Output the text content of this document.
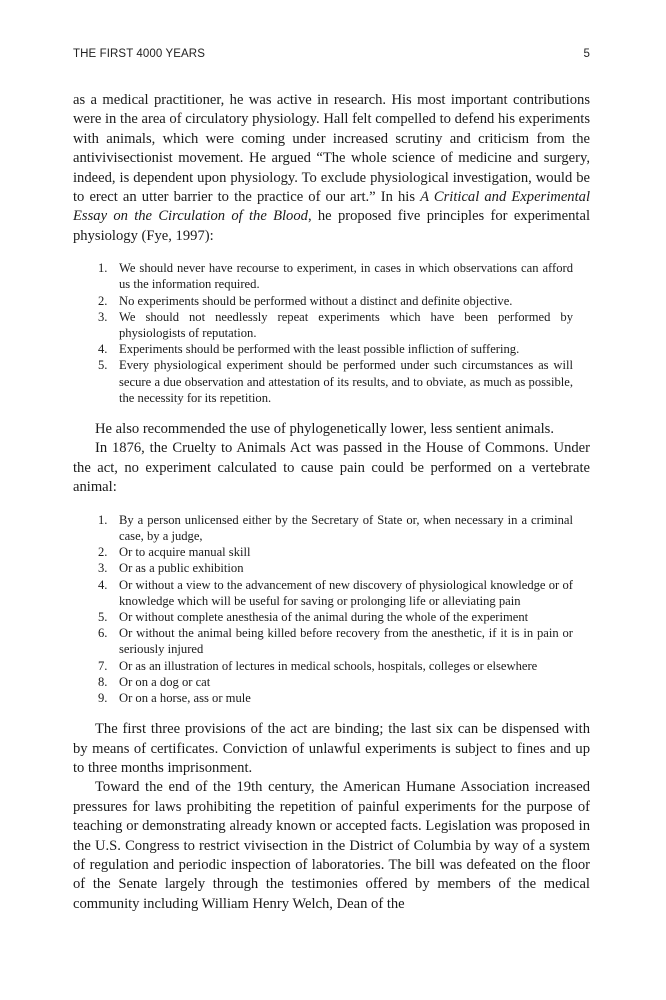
THE FIRST 4000 YEARS	5

as a medical practitioner, he was active in research. His most important contributions were in the area of circulatory physiology. Hall felt compelled to defend his experiments with animals, which were coming under increased scrutiny and criticism from the antivivisectionist movement. He argued “The whole science of medicine and surgery, indeed, is dependent upon physiology. To exclude physiological investigation, would be to erect an utter barrier to the practice of our art.” In his A Critical and Experimental Essay on the Circulation of the Blood, he proposed five principles for experimental physiology (Fye, 1997):

1. We should never have recourse to experiment, in cases in which observations can afford us the information required.
2. No experiments should be performed without a distinct and definite objective.
3. We should not needlessly repeat experiments which have been performed by physiologists of reputation.
4. Experiments should be performed with the least possible infliction of suffering.
5. Every physiological experiment should be performed under such circumstances as will secure a due observation and attestation of its results, and to obviate, as much as possible, the necessity for its repetition.

He also recommended the use of phylogenetically lower, less sentient animals.

In 1876, the Cruelty to Animals Act was passed in the House of Commons. Under the act, no experiment calculated to cause pain could be performed on a vertebrate animal:

1. By a person unlicensed either by the Secretary of State or, when necessary in a criminal case, by a judge,
2. Or to acquire manual skill
3. Or as a public exhibition
4. Or without a view to the advancement of new discovery of physiological knowledge or of knowledge which will be useful for saving or prolonging life or alleviating pain
5. Or without complete anesthesia of the animal during the whole of the experiment
6. Or without the animal being killed before recovery from the anesthetic, if it is in pain or seriously injured
7. Or as an illustration of lectures in medical schools, hospitals, colleges or elsewhere
8. Or on a dog or cat
9. Or on a horse, ass or mule

The first three provisions of the act are binding; the last six can be dispensed with by means of certificates. Conviction of unlawful experiments is subject to fines and up to three months imprisonment.

Toward the end of the 19th century, the American Humane Association increased pressures for laws prohibiting the repetition of painful experiments for the purpose of teaching or demonstrating already known or accepted facts. Legislation was proposed in the U.S. Congress to restrict vivisection in the District of Columbia by way of a system of regulation and periodic inspection of laboratories. The bill was defeated on the floor of the Senate largely through the testimonies offered by members of the medical community including William Henry Welch, Dean of the
